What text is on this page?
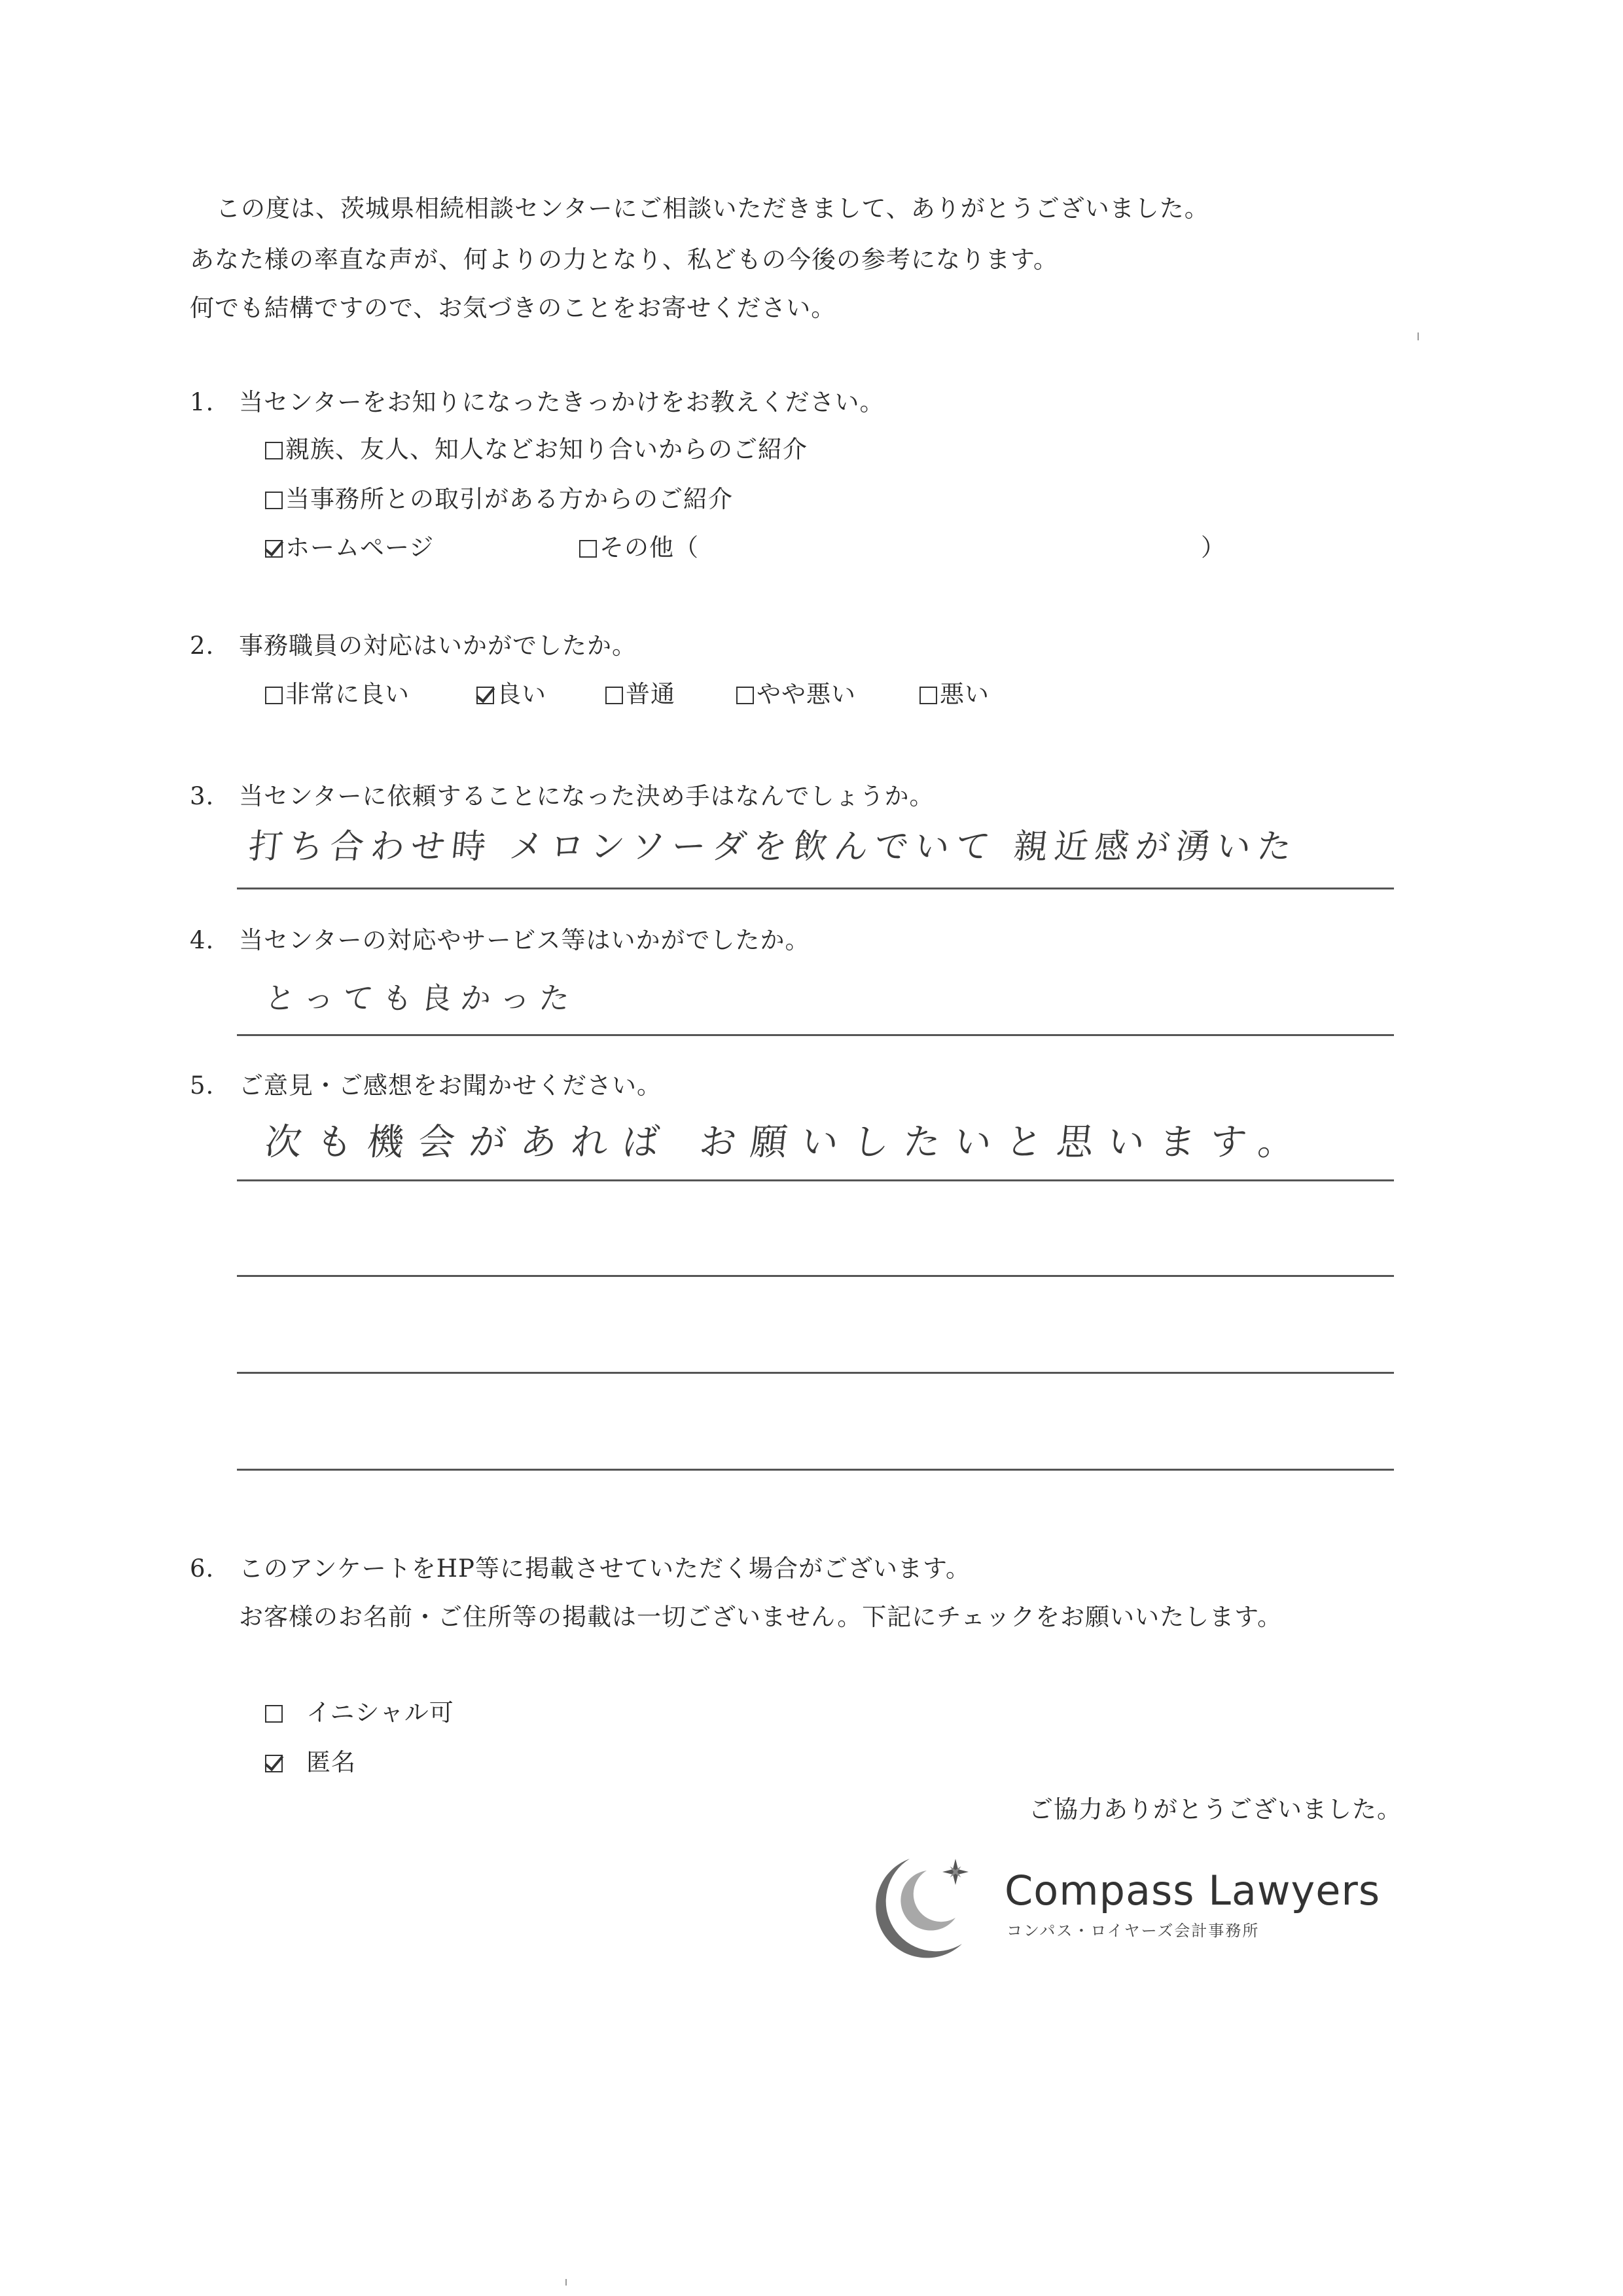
この度は、茨城県相続相談センターにご相談いただきまして、ありがとうございました。
あなた様の率直な声が、何よりの力となり、私どもの今後の参考になります。
何でも結構ですので、お気づきのことをお寄せください。
1. 当センターをお知りになったきっかけをお教えください。
親族、友人、知人などお知り合いからのご紹介
当事務所との取引がある方からのご紹介
ホームページ	その他（	）
2. 事務職員の対応はいかがでしたか。
非常に良い	良い	普通	やや悪い	悪い
3. 当センターに依頼することになった決め手はなんでしょうか。
打ち合わせ時 メロンソーダを飲んでいて 親近感が湧いた
4. 当センターの対応やサービス等はいかがでしたか。
とっても良かった
5. ご意見・ご感想をお聞かせください。
次も機会があれば お願いしたいと思います。
6. このアンケートをHP等に掲載させていただく場合がございます。
お客様のお名前・ご住所等の掲載は一切ございません。下記にチェックをお願いいたします。
イニシャル可
匿名
ご協力ありがとうございました。
Compass Lawyers
コンパス・ロイヤーズ会計事務所
